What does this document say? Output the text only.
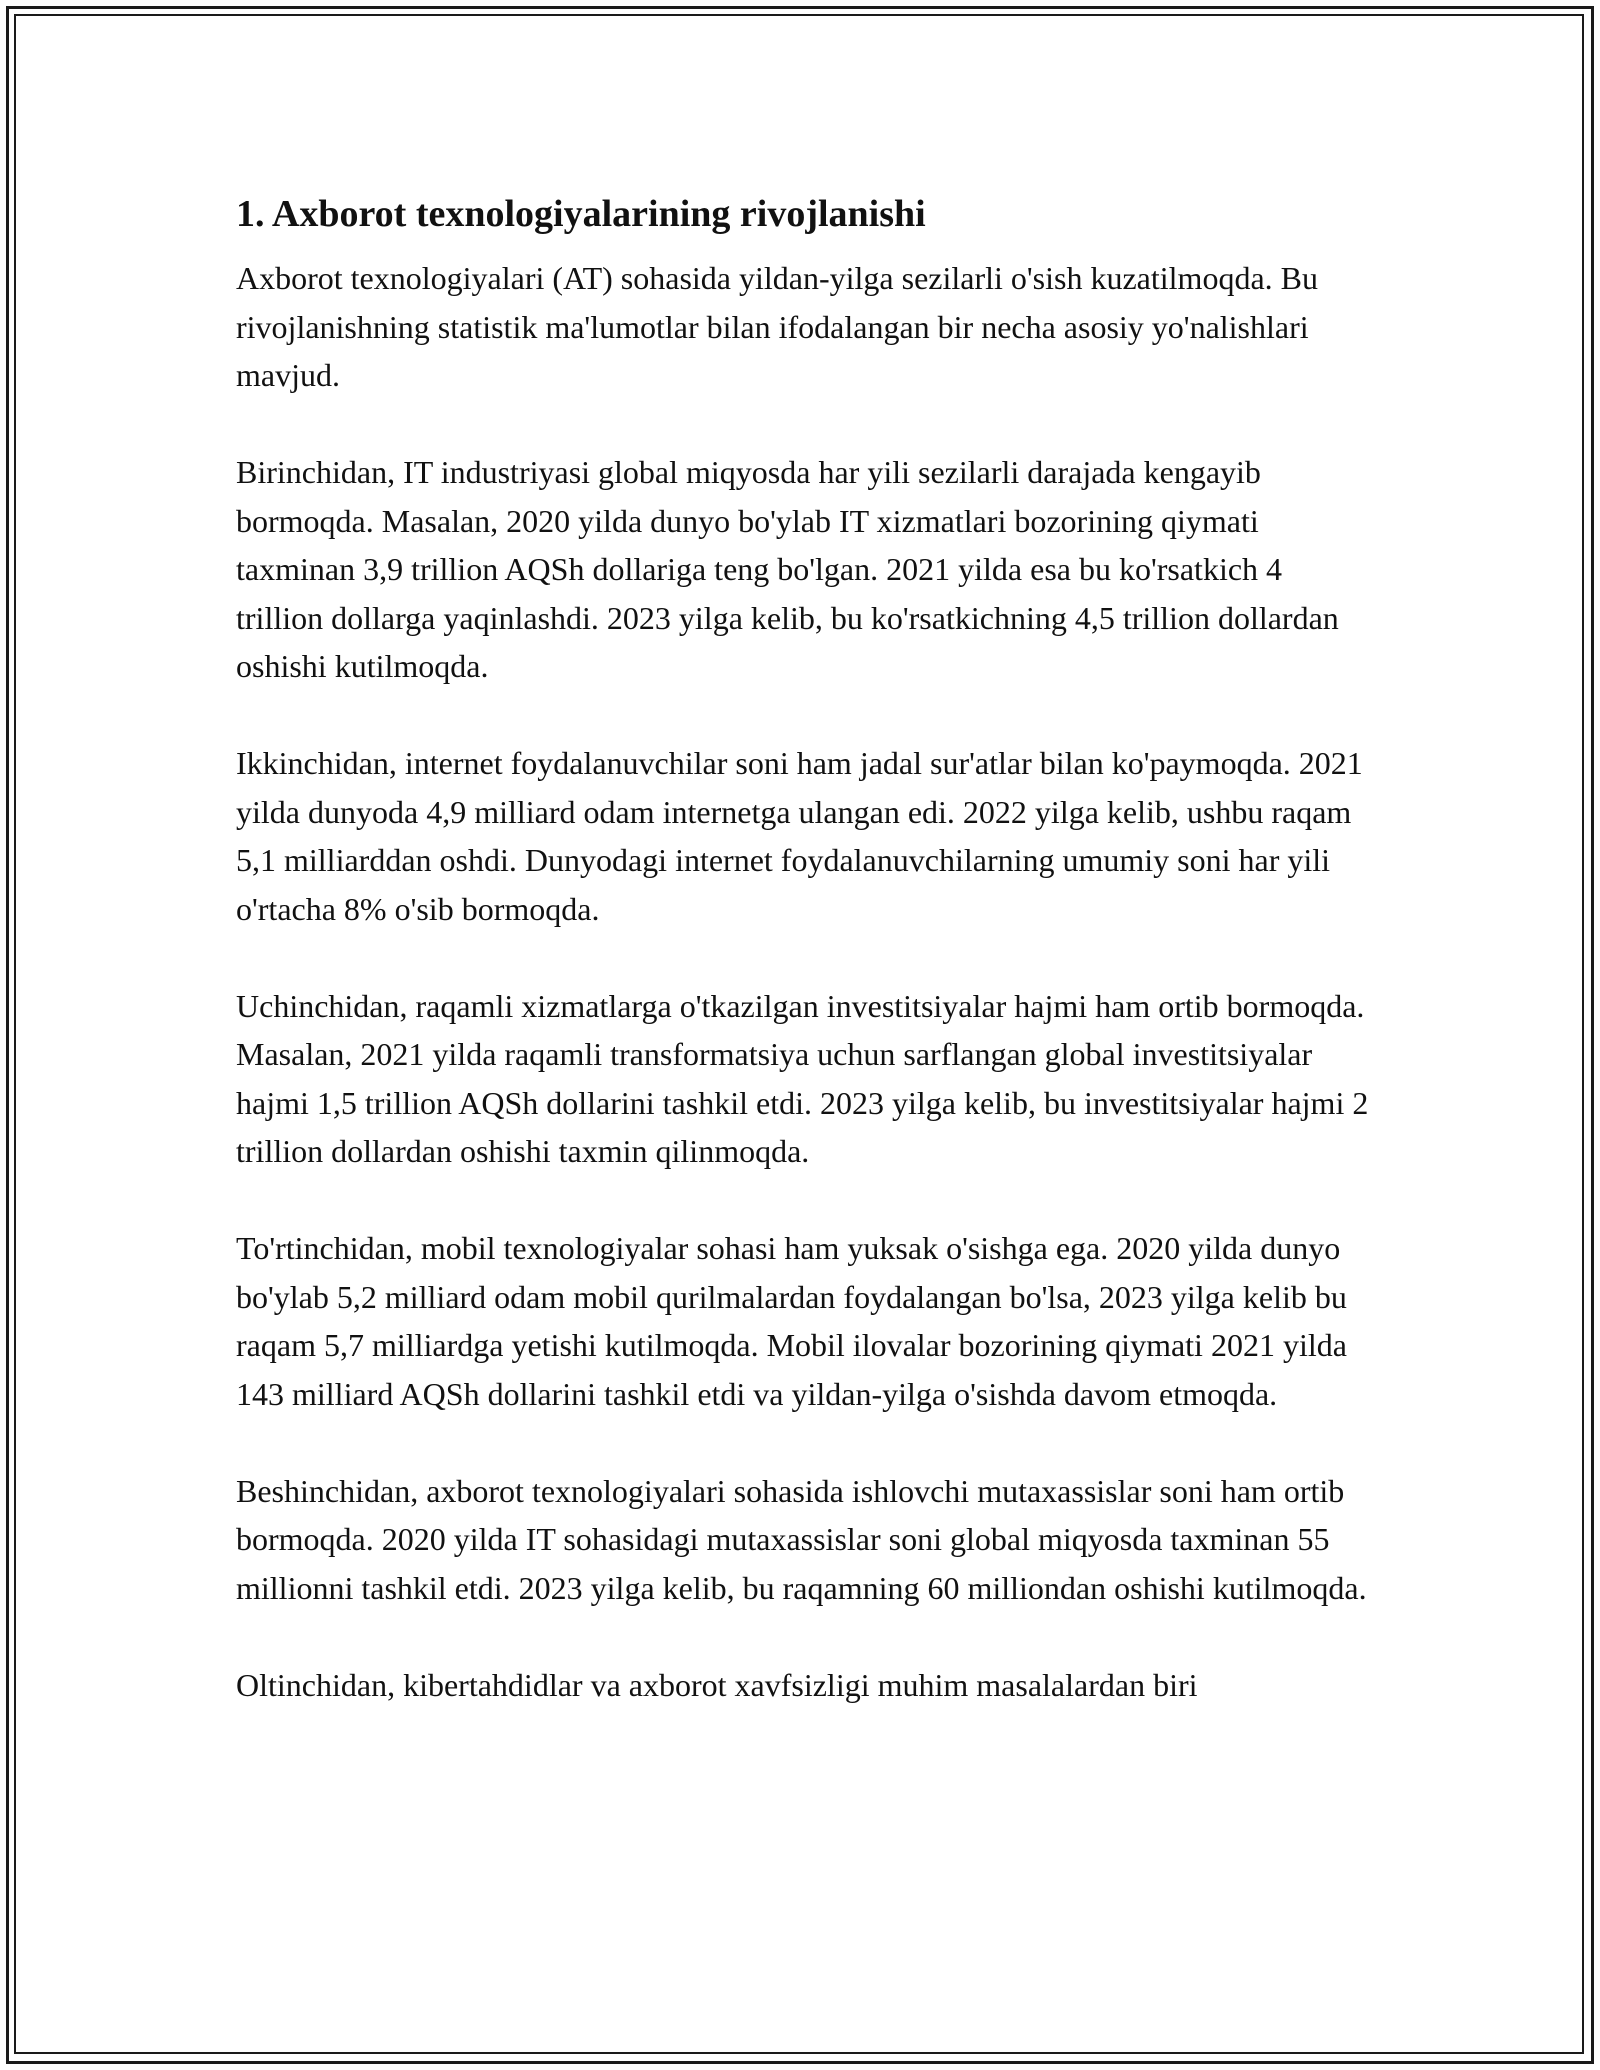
1. Axborot texnologiyalarining rivojlanishi

Axborot texnologiyalari (AT) sohasida yildan-yilga sezilarli o'sish kuzatilmoqda. Bu rivojlanishning statistik ma'lumotlar bilan ifodalangan bir necha asosiy yo'nalishlari mavjud.

Birinchidan, IT industriyasi global miqyosda har yili sezilarli darajada kengayib bormoqda. Masalan, 2020 yilda dunyo bo'ylab IT xizmatlari bozorining qiymati taxminan 3,9 trillion AQSh dollariga teng bo'lgan. 2021 yilda esa bu ko'rsatkich 4 trillion dollarga yaqinlashdi. 2023 yilga kelib, bu ko'rsatkichning 4,5 trillion dollardan oshishi kutilmoqda.

Ikkinchidan, internet foydalanuvchilar soni ham jadal sur'atlar bilan ko'paymoqda. 2021 yilda dunyoda 4,9 milliard odam internetga ulangan edi. 2022 yilga kelib, ushbu raqam 5,1 milliarddan oshdi. Dunyodagi internet foydalanuvchilarning umumiy soni har yili o'rtacha 8% o'sib bormoqda.

Uchinchidan, raqamli xizmatlarga o'tkazilgan investitsiyalar hajmi ham ortib bormoqda. Masalan, 2021 yilda raqamli transformatsiya uchun sarflangan global investitsiyalar hajmi 1,5 trillion AQSh dollarini tashkil etdi. 2023 yilga kelib, bu investitsiyalar hajmi 2 trillion dollardan oshishi taxmin qilinmoqda.

To'rtinchidan, mobil texnologiyalar sohasi ham yuksak o'sishga ega. 2020 yilda dunyo bo'ylab 5,2 milliard odam mobil qurilmalardan foydalangan bo'lsa, 2023 yilga kelib bu raqam 5,7 milliardga yetishi kutilmoqda. Mobil ilovalar bozorining qiymati 2021 yilda 143 milliard AQSh dollarini tashkil etdi va yildan-yilga o'sishda davom etmoqda.

Beshinchidan, axborot texnologiyalari sohasida ishlovchi mutaxassislar soni ham ortib bormoqda. 2020 yilda IT sohasidagi mutaxassislar soni global miqyosda taxminan 55 millionni tashkil etdi. 2023 yilga kelib, bu raqamning 60 milliondan oshishi kutilmoqda.

Oltinchidan, kibertahdidlar va axborot xavfsizligi muhim masalalardan biri
